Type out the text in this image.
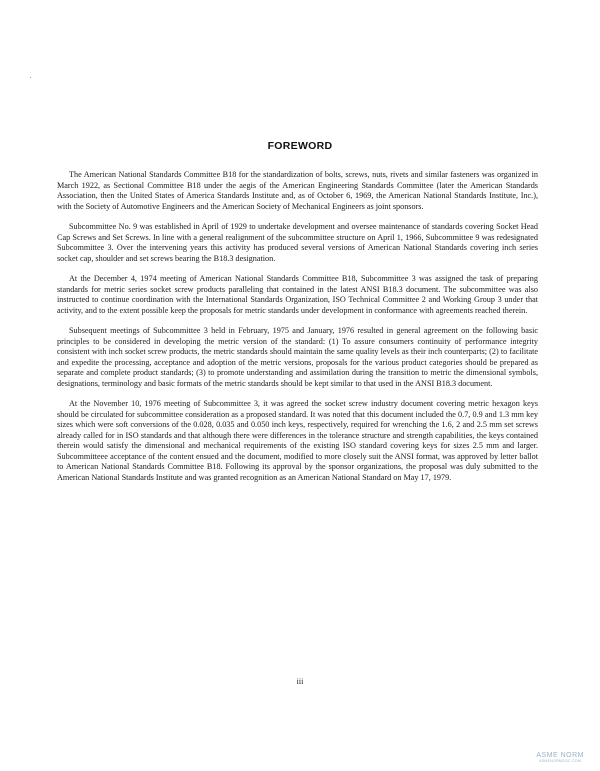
FOREWORD

The American National Standards Committee B18 for the standardization of bolts, screws, nuts, rivets and similar fasteners was organized in March 1922, as Sectional Committee B18 under the aegis of the American Engineering Standards Committee (later the American Standards Association, then the United States of America Standards Institute and, as of October 6, 1969, the American National Standards Institute, Inc.), with the Society of Automotive Engineers and the American Society of Mechanical Engineers as joint sponsors.

Subcommittee No. 9 was established in April of 1929 to undertake development and oversee maintenance of standards covering Socket Head Cap Screws and Set Screws. In line with a general realignment of the subcommittee structure on April 1, 1966, Subcommittee 9 was redesignated Subcommittee 3. Over the intervening years this activity has produced several versions of American National Standards covering inch series socket cap, shoulder and set screws bearing the B18.3 designation.

At the December 4, 1974 meeting of American National Standards Committee B18, Subcommittee 3 was assigned the task of preparing standards for metric series socket screw products paralleling that contained in the latest ANSI B18.3 document. The subcommittee was also instructed to continue coordination with the International Standards Organization, ISO Technical Committee 2 and Working Group 3 under that activity, and to the extent possible keep the proposals for metric standards under development in conformance with agreements reached therein.

Subsequent meetings of Subcommittee 3 held in February, 1975 and January, 1976 resulted in general agreement on the following basic principles to be considered in developing the metric version of the standard: (1) To assure consumers continuity of performance integrity consistent with inch socket screw products, the metric standards should maintain the same quality levels as their inch counterparts; (2) to facilitate and expedite the processing, acceptance and adoption of the metric versions, proposals for the various product categories should be prepared as separate and complete product standards; (3) to promote understanding and assimilation during the transition to metric the dimensional symbols, designations, terminology and basic formats of the metric standards should be kept similar to that used in the ANSI B18.3 document.

At the November 10, 1976 meeting of Subcommittee 3, it was agreed the socket screw industry document covering metric hexagon keys should be circulated for subcommittee consideration as a proposed standard. It was noted that this document included the 0.7, 0.9 and 1.3 mm key sizes which were soft conversions of the 0.028, 0.035 and 0.050 inch keys, respectively, required for wrenching the 1.6, 2 and 2.5 mm set screws already called for in ISO standards and that although there were differences in the tolerance structure and strength capabilities, the keys contained therein would satisfy the dimensional and mechanical requirements of the existing ISO standard covering keys for sizes 2.5 mm and larger. Subcommitteee acceptance of the content ensued and the document, modified to more closely suit the ANSI format, was approved by letter ballot to American National Standards Committee B18. Following its approval by the sponsor organizations, the proposal was duly submitted to the American National Standards Institute and was granted recognition as an American National Standard on May 17, 1979.

iii
ASME NORM
ASMENORMDOC.COM
